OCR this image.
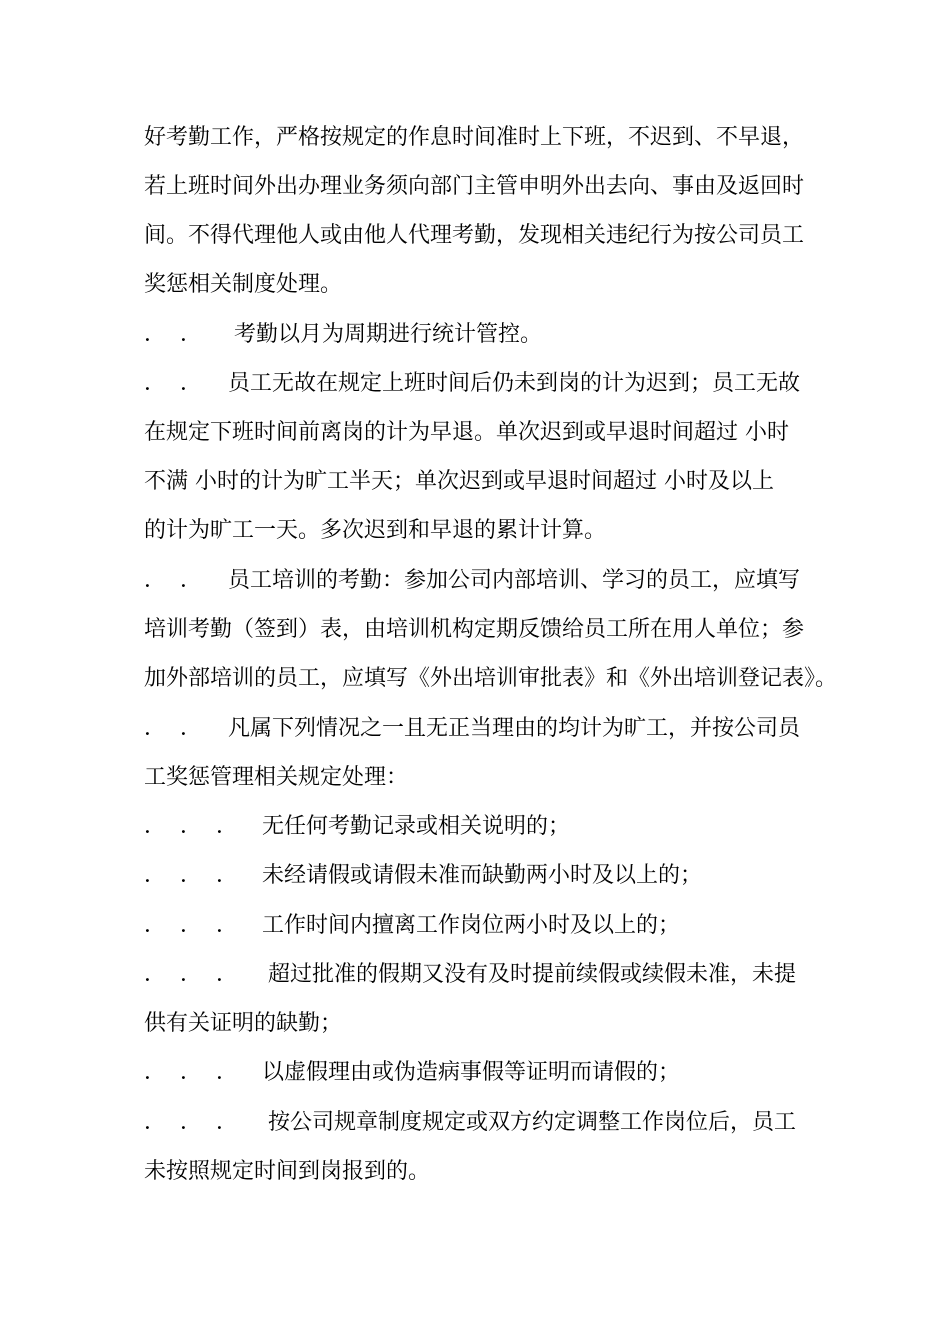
好考勤工作，严格按规定的作息时间准时上下班，不迟到、不早退，
若上班时间外出办理业务须向部门主管申明外出去向、事由及返回时
间。不得代理他人或由他人代理考勤，发现相关违纪行为按公司员工
奖惩相关制度处理。
．  ． 考勤以月为周期进行统计管控。
．  ． 员工无故在规定上班时间后仍未到岗的计为迟到；员工无故
在规定下班时间前离岗的计为早退。单次迟到或早退时间超过 小时
不满 小时的计为旷工半天；单次迟到或早退时间超过 小时及以上
的计为旷工一天。多次迟到和早退的累计计算。
．  ． 员工培训的考勤：参加公司内部培训、学习的员工，应填写
培训考勤（签到）表，由培训机构定期反馈给员工所在用人单位；参
加外部培训的员工，应填写《外出培训审批表》和《外出培训登记表》。
．  ． 凡属下列情况之一且无正当理由的均计为旷工，并按公司员
工奖惩管理相关规定处理：
．  ．  ． 无任何考勤记录或相关说明的；
．  ．  ． 未经请假或请假未准而缺勤两小时及以上的；
．  ．  ． 工作时间内擅离工作岗位两小时及以上的；
．  ．  ． 超过批准的假期又没有及时提前续假或续假未准，未提
供有关证明的缺勤；
．  ．  ． 以虚假理由或伪造病事假等证明而请假的；
．  ．  ． 按公司规章制度规定或双方约定调整工作岗位后，员工
未按照规定时间到岗报到的。
